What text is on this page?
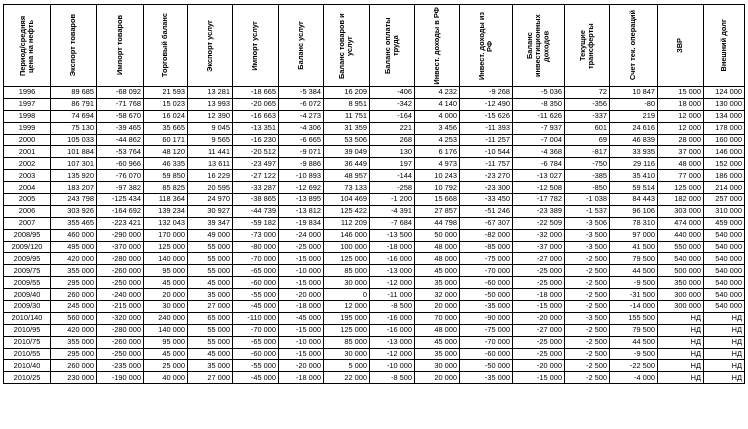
Период/средняя цена на нефть	Экспорт товаров	Импорт товаров	Торговый баланс	Экспорт услуг	Импорт услуг	Баланс услуг	Баланс товаров и услуг	Баланс оплаты труда	Инвест. доходы в РФ	Инвест. доходы из РФ	Баланс инвестиционных доходов	Текущие трансферты	Счет тек. операций	ЗВР	Внешний долг

1996	89 685	-68 092	21 593	13 281	-18 665	-5 384	16 209	-406	4 232	-9 268	-5 036	72	10 847	15 000	124 000
1997	86 791	-71 768	15 023	13 993	-20 065	-6 072	8 951	-342	4 140	-12 490	-8 350	-356	-80	18 000	130 000
1998	74 694	-58 670	16 024	12 390	-16 663	-4 273	11 751	-164	4 000	-15 626	-11 626	-337	219	12 000	134 000
1999	75 130	-39 465	35 665	9 045	-13 351	-4 306	31 359	221	3 456	-11 393	-7 937	601	24 616	12 000	178 000
2000	105 033	-44 862	60 171	9 565	-16 230	-6 665	53 506	268	4 253	-11 257	-7 004	69	46 839	28 000	160 000
2001	101 884	-53 764	48 120	11 441	-20 512	-9 071	39 049	130	6 176	-10 544	-4 368	-817	33 935	37 000	146 000
2002	107 301	-60 966	46 335	13 611	-23 497	-9 886	36 449	197	4 973	-11 757	-6 784	-750	29 116	48 000	152 000
2003	135 920	-76 070	59 850	16 229	-27 122	-10 893	48 957	-144	10 243	-23 270	-13 027	-385	35 410	77 000	186 000
2004	183 207	-97 382	85 825	20 595	-33 287	-12 692	73 133	-258	10 792	-23 300	-12 508	-850	59 514	125 000	214 000
2005	243 798	-125 434	118 364	24 970	-38 865	-13 895	104 469	-1 200	15 668	-33 450	-17 782	-1 038	84 443	182 000	257 000
2006	303 926	-164 692	139 234	30 927	-44 739	-13 812	125 422	-4 391	27 857	-51 246	-23 389	-1 537	96 106	303 000	310 000
2007	355 465	-223 421	132 043	39 347	-59 182	-19 834	112 209	-7 684	44 798	-67 307	-22 509	-3 506	78 310	474 000	459 000
2008/95	460 000	-290 000	170 000	49 000	-73 000	-24 000	146 000	-13 500	50 000	-82 000	-32 000	-3 500	97 000	440 000	540 000
2009/120	495 000	-370 000	125 000	55 000	-80 000	-25 000	100 000	-18 000	48 000	-85 000	-37 000	-3 500	41 500	550 000	540 000
2009/95	420 000	-280 000	140 000	55 000	-70 000	-15 000	125 000	-16 000	48 000	-75 000	-27 000	-2 500	79 500	540 000	540 000
2009/75	355 000	-260 000	95 000	55 000	-65 000	-10 000	85 000	-13 000	45 000	-70 000	-25 000	-2 500	44 500	500 000	540 000
2009/55	295 000	-250 000	45 000	45 000	-60 000	-15 000	30 000	-12 000	35 000	-60 000	-25 000	-2 500	-9 500	350 000	540 000
2009/40	260 000	-240 000	20 000	35 000	-55 000	-20 000	0	-11 000	32 000	-50 000	-18 000	-2 500	-31 500	300 000	540 000
2009/30	245 000	-215 000	30 000	27 000	-45 000	-18 000	12 000	-8 500	20 000	-35 000	-15 000	-2 500	-14 000	300 000	540 000
2010/140	560 000	-320 000	240 000	65 000	-110 000	-45 000	195 000	-16 000	70 000	-90 000	-20 000	-3 500	155 500	НД	НД
2010/95	420 000	-280 000	140 000	55 000	-70 000	-15 000	125 000	-16 000	48 000	-75 000	-27 000	-2 500	79 500	НД	НД
2010/75	355 000	-260 000	95 000	55 000	-65 000	-10 000	85 000	-13 000	45 000	-70 000	-25 000	-2 500	44 500	НД	НД
2010/55	295 000	-250 000	45 000	45 000	-60 000	-15 000	30 000	-12 000	35 000	-60 000	-25 000	-2 500	-9 500	НД	НД
2010/40	260 000	-235 000	25 000	35 000	-55 000	-20 000	5 000	-10 000	30 000	-50 000	-20 000	-2 500	-22 500	НД	НД
2010/25	230 000	-190 000	40 000	27 000	-45 000	-18 000	22 000	-8 500	20 000	-35 000	-15 000	-2 500	-4 000	НД	НД
